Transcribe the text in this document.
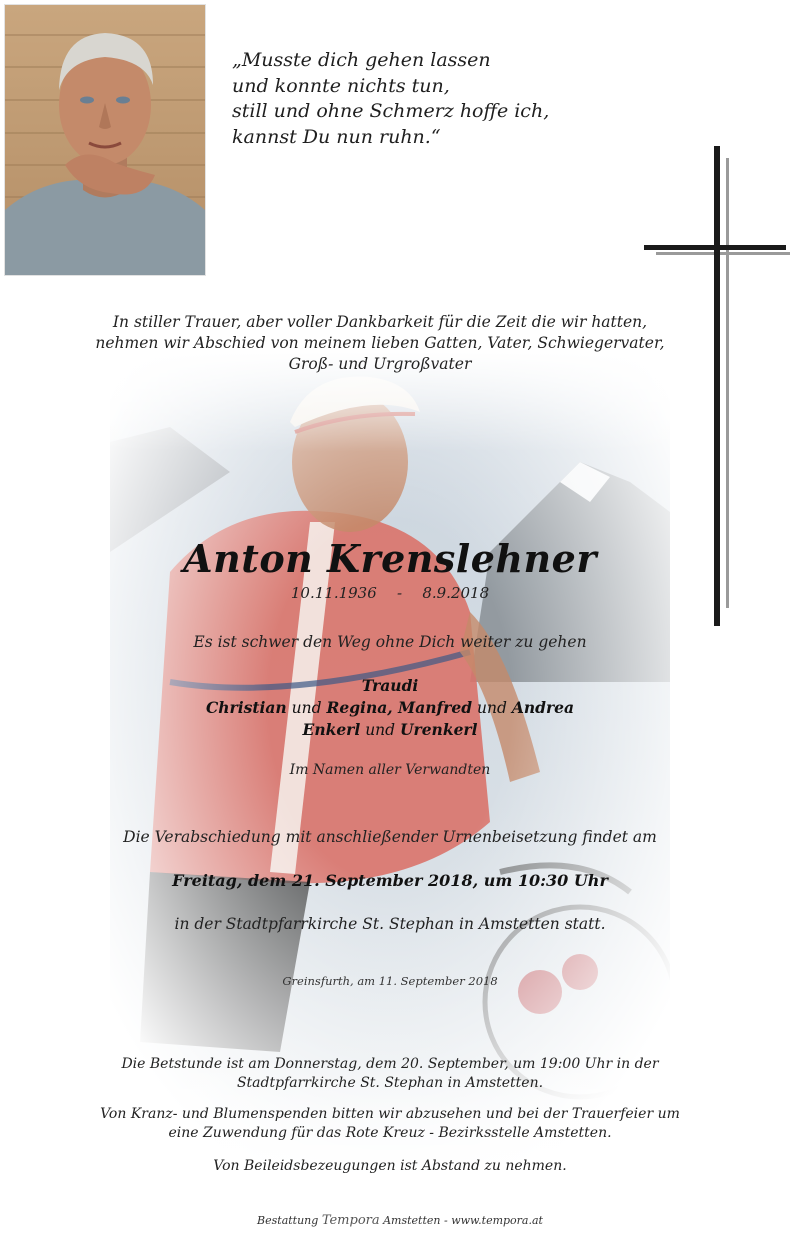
„Musste dich gehen lassen
und konnte nichts tun,
still und ohne Schmerz hoffe ich,
kannst Du nun ruhn.“
In stiller Trauer, aber voller Dankbarkeit für die Zeit die wir hatten, nehmen wir Abschied von meinem lieben Gatten, Vater, Schwiegervater, Groß- und Urgroßvater
Anton Krenslehner
10.11.1936 - 8.9.2018
Es ist schwer den Weg ohne Dich weiter zu gehen
Traudi
Christian und Regina, Manfred und Andrea
Enkerl und Urenkerl
Im Namen aller Verwandten
Die Verabschiedung mit anschließender Urnenbeisetzung findet am
Freitag, dem 21. September 2018, um 10:30 Uhr
in der Stadtpfarrkirche St. Stephan in Amstetten statt.
Greinsfurth, am 11. September 2018

Die Betstunde ist am Donnerstag, dem 20. September, um 19:00 Uhr in der Stadtpfarrkirche St. Stephan in Amstetten.

Von Kranz- und Blumenspenden bitten wir abzusehen und bei der Trauerfeier um eine Zuwendung für das Rote Kreuz - Bezirksstelle Amstetten.

Von Beileidsbezeugungen ist Abstand zu nehmen.

Bestattung Tempora Amstetten - www.tempora.at
